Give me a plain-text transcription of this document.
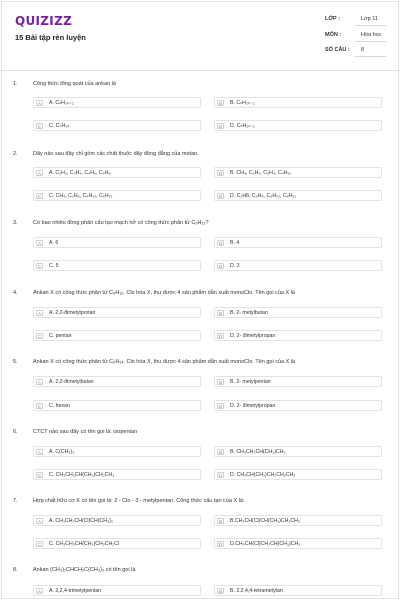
QUIZIZZ
15 Bài tập rèn luyện
LỚP :	Lớp 11
MÔN :	Hóa học
SỐ CÂU : 8
1.	Công thức tổng quát của ankan là
A	A. CₙH₂ₙ₊₂	B	B. CₙH₂ₙ₋₂
C	C. CₙH₂ₙ	D	D. CₙH₂ₙ₋₂
2.	Dãy nào sau đây chỉ gồm các chất thuộc dãy đồng đẳng của metan.
A	A. C₂H₂, C₃H₄, C₄H₆, C₅H₈	B	B. CH₄, C₂H₂, C₃H₄, C₄H₁₀
C	C. CH₄, C₂H₆, C₄H₁₀, C₅H₁₂	D	D. C₂H6, C₃H₈, C₅H₁₀, C₆H₁₂
3.	Có bao nhiêu đồng phân cấu tạo mạch hở có công thức phân tử C₅H₁₂?
A	A. 6	B	B. 4
C	C. 5	D	D. 3
4.	Ankan X có công thức phân tử C₅H₁₂. Clo hóa X, thu được 4 sản phẩm dẫn xuất monoClo. Tên gọi của X là
A	A. 2,2-đimetylprotan	B	B. 2- metylbutan
C	C. pentan	D	D. 2- đimetylpropan
5.	Ankan X có công thức phân tử C₆H₁₄. Clo hóa X, thu được 4 sản phẩm dẫn xuất monoClo. Tên gọi của X là
A	A. 2,2-đimetylbutan	B	B. 2- metylpentan
C	C. hexan	D	D. 2- đimetylpropan
6.	CTCT nào sau đây có tên gọi là: isopentan
A	A. C(CH₃)₃	B	B. CH₃CH₂CH(CH₃)CH₃
C	C. CH₃CH₂CH(CH₃)CH₂CH₃	D	D. CH₃CH(CH₃)CH₂CH₂CH₃
7.	Hợp chất hữu cơ X có tên gọi là: 2 - Clo - 3 - metylpentan. Công thức cấu tạo của X là:
A	A. CH₃CH₂CH(Cl)CH(CH₃)₂	B	B.CH₃CH(Cl)CH(CH₃)CH₂CH₃
C	C. CH₃CH₂CH(CH₃)CH₂CH₂Cl	D	D.CH₃CH(Cl)CH₂CH(CH₃)CH₃
8.	Ankan (CH₃)₂CHCH₂C(CH₃)₃ có tên gọi là
A	A. 2,2,4-trimetylpentan	B	B. 2,2,4,4-tetrametytan
